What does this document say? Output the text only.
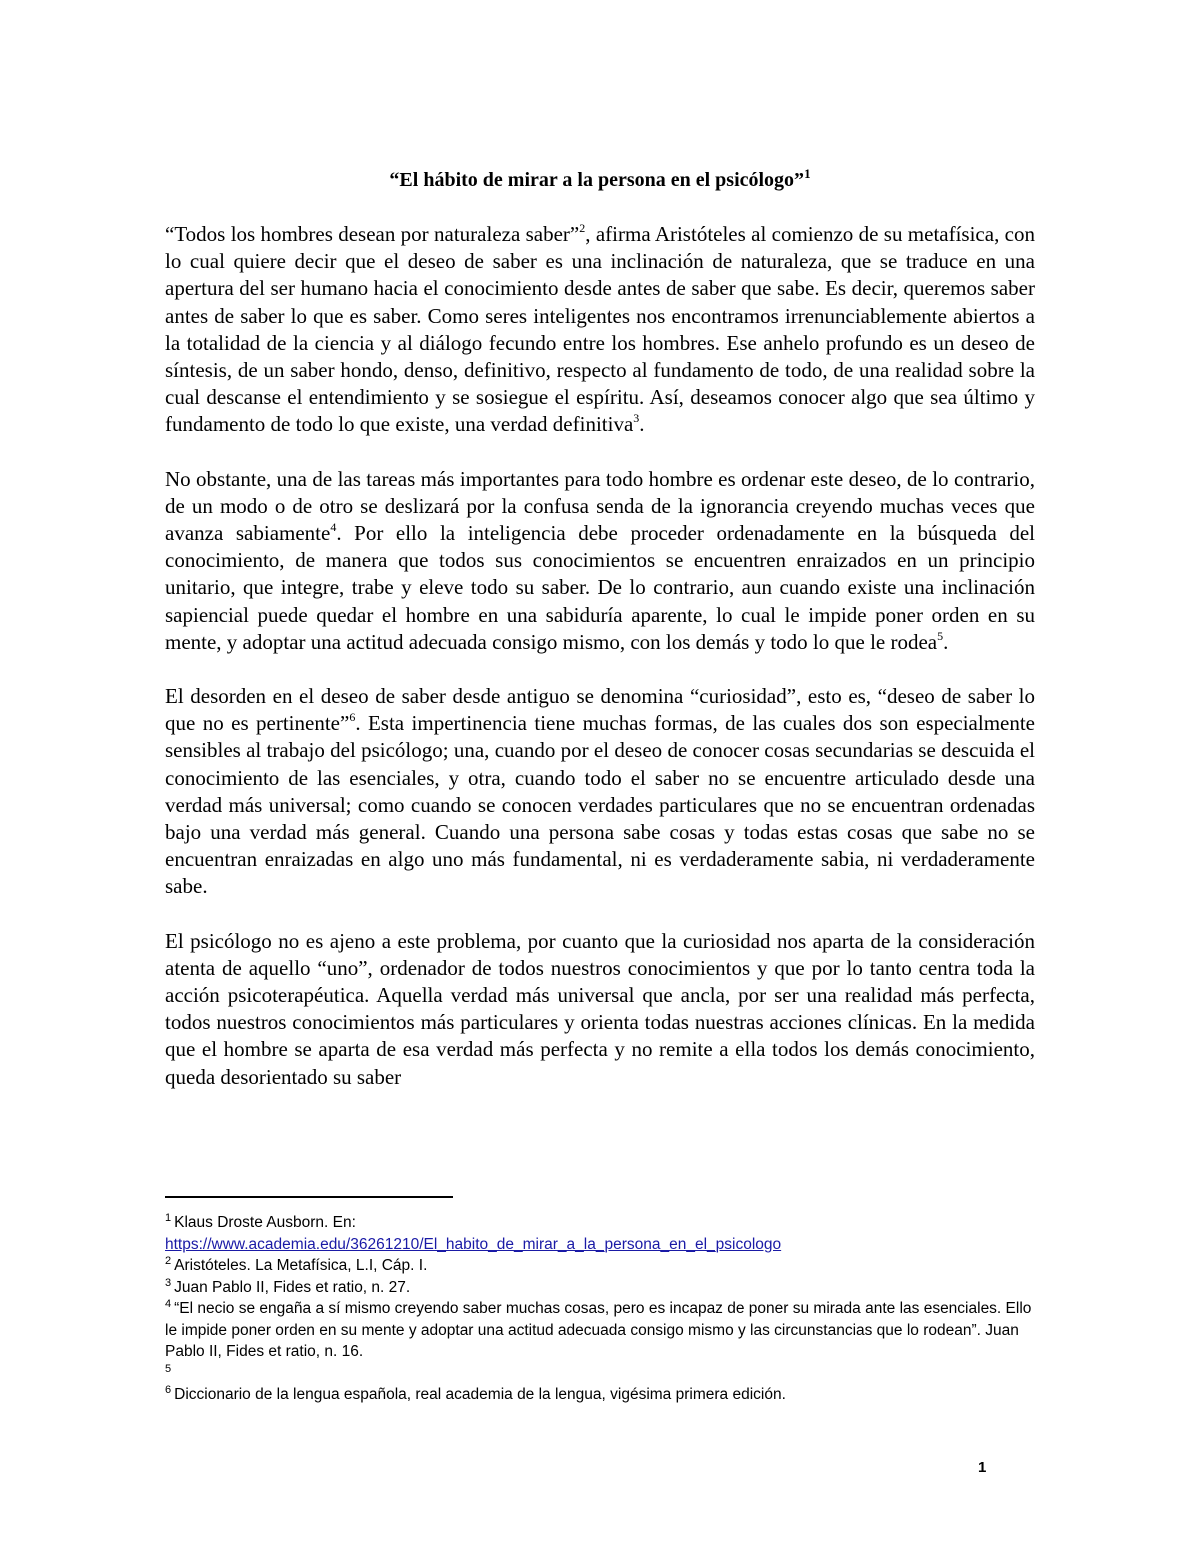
“El hábito de mirar a la persona en el psicólogo”$^1$

“Todos los hombres desean por naturaleza saber”$^2$, afirma Aristóteles al comienzo de su metafísica, con lo cual quiere decir que el deseo de saber es una inclinación de naturaleza, que se traduce en una apertura del ser humano hacia el conocimiento desde antes de saber que sabe. Es decir, queremos saber antes de saber lo que es saber. Como seres inteligentes nos encontramos irrenunciablemente abiertos a la totalidad de la ciencia y al diálogo fecundo entre los hombres. Ese anhelo profundo es un deseo de síntesis, de un saber hondo, denso, definitivo, respecto al fundamento de todo, de una realidad sobre la cual descanse el entendimiento y se sosiegue el espíritu. Así, deseamos conocer algo que sea último y fundamento de todo lo que existe, una verdad definitiva$^3$.

No obstante, una de las tareas más importantes para todo hombre es ordenar este deseo, de lo contrario, de un modo o de otro se deslizará por la confusa senda de la ignorancia creyendo muchas veces que avanza sabiamente$^4$. Por ello la inteligencia debe proceder ordenadamente en la búsqueda del conocimiento, de manera que todos sus conocimientos se encuentren enraizados en un principio unitario, que integre, trabe y eleve todo su saber. De lo contrario, aun cuando existe una inclinación sapiencial puede quedar el hombre en una sabiduría aparente, lo cual le impide poner orden en su mente, y adoptar una actitud adecuada consigo mismo, con los demás y todo lo que le rodea$^5$.

El desorden en el deseo de saber desde antiguo se denomina “curiosidad”, esto es, “deseo de saber lo que no es pertinente”$^6$. Esta impertinencia tiene muchas formas, de las cuales dos son especialmente sensibles al trabajo del psicólogo; una, cuando por el deseo de conocer cosas secundarias se descuida el conocimiento de las esenciales, y otra, cuando todo el saber no se encuentre articulado desde una verdad más universal; como cuando se conocen verdades particulares que no se encuentran ordenadas bajo una verdad más general. Cuando una persona sabe cosas y todas estas cosas que sabe no se encuentran enraizadas en algo uno más fundamental, ni es verdaderamente sabia, ni verdaderamente sabe.

El psicólogo no es ajeno a este problema, por cuanto que la curiosidad nos aparta de la consideración atenta de aquello “uno”, ordenador de todos nuestros conocimientos y que por lo tanto centra toda la acción psicoterapéutica. Aquella verdad más universal que ancla, por ser una realidad más perfecta, todos nuestros conocimientos más particulares y orienta todas nuestras acciones clínicas. En la medida que el hombre se aparta de esa verdad más perfecta y no remite a ella todos los demás conocimiento, queda desorientado su saber

$^1$ Klaus Droste Ausborn. En:

https://www.academia.edu/36261210/El_habito_de_mirar_a_la_persona_en_el_psicologo

$^2$ Aristóteles. La Metafísica, L.I, Cáp. I.

$^3$ Juan Pablo II, Fides et ratio, n. 27.

$^4$ “El necio se engaña a sí mismo creyendo saber muchas cosas, pero es incapaz de poner su mirada ante las esenciales. Ello le impide poner orden en su mente y adoptar una actitud adecuada consigo mismo y las circunstancias que lo rodean”. Juan Pablo II, Fides et ratio, n. 16.

$^5$

$^6$ Diccionario de la lengua española, real academia de la lengua, vigésima primera edición.

1
